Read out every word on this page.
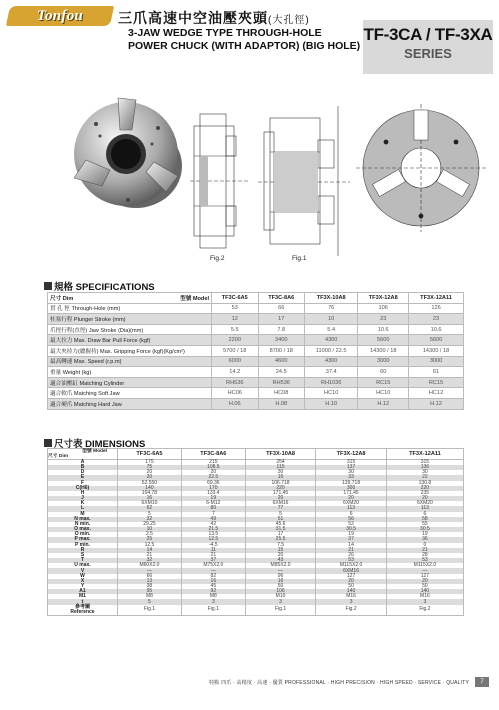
Tonfou 三爪高速中空油壓夾頭(大孔徑)
3-JAW WEDGE TYPE THROUGH-HOLE
POWER CHUCK (WITH ADAPTOR) (BIG HOLE)
TF-3CA / TF-3XA
SERIES
Fig.2	Fig.1
規格 SPECIFICATIONS
尺寸 Dim 型號 Model	TF3C-6A5	TF3C-8A6	TF3X-10A8	TF3X-12A8	TF3X-12A11
貫 孔 徑 Through-Hole (mm)	53	66	76	106	126
柱塞行程 Plunger Stroke (mm)	12	17	10	23	23
爪徑行程(直徑) Jaw Stroke (Dia)(mm)	5.5	7.8	5.4	10.6	10.6
最大拉力 Max. Draw Bar Pull Force (kgf)	2200	3400	4300	5600	5600
最大夾持力(總握持) Max. Gripping Force (kgf)(Kg/cm²)	5700 / 18	8700 / 18	11000 / 22.5	14300 / 18	14300 / 18
最高轉速 Max. Speed (r.p.m)	6000	4600	4300	3000	3000
重量 Weight (kg)	14.2	24.5	37.4	60	61
適合油壓缸 Matching Cylinder	RH536	RH536	RH1036	RC15	RC15
適合軟爪 Matching Soft Jaw	HC06	HC08	HC10	HC10	HC12
適合硬爪 Matching Hard Jaw	H.06	H.08	H.10	H.12	H.12
尺寸表 DIMENSIONS
型號 Model
尺寸 Dim	TF3C-6A5	TF3C-8A6	TF3X-10A8	TF3X-12A8	TF3X-12A11
A	175	215	254	315	315
B	75	108.5	115	137	136
D	20	20	30	30	30
E	20	22.5	15	33	22
F	52.550	69.36	106.718	139.718	130.8
C(H6)	140	170	220	300	220
H	104.78	133.4	171.45	171.45	235
J	16	19	20	20	20
K	6XM10	6-M12	6XM16	6XM20	6XM20
L	62	80	77	113	113
M	5	7	5	6	6
N max.	32	49	51	56	58
N min.	29.25	42	45.6	52	55
O max.	10	21.5	31.5	30.5	30.5
O min.	2.5	13.5	17	19	19
P max.	25	12.5	25.5	37	36
P min.	12.5	-4.5	7.5	14	0
R	14	11	15	21	21
S	21	21	20	26	28
T	32	37	43	53	53
U max.	M60X2.0	M75X2.0	M85X2.0	M115X2.0	M115X2.0
V	—	—	—	6XM16	—
W	66	82	96	127	127
X	13	16	16	20	20
Y	38	45	50	50	50
A1	95	92	106	140	140
M1	M8	M8	M10	M16	M16
t	5	3	3	3	3

參考圖
Reference	Fig.1	Fig.1	Fig.1	Fig.2	Fig.2
特點 四爪 · 高精度 · 高速 · 優質 PROFESSIONAL · HIGH PRECISION · HIGH SPEED · SERVICE · QUALITY	7
